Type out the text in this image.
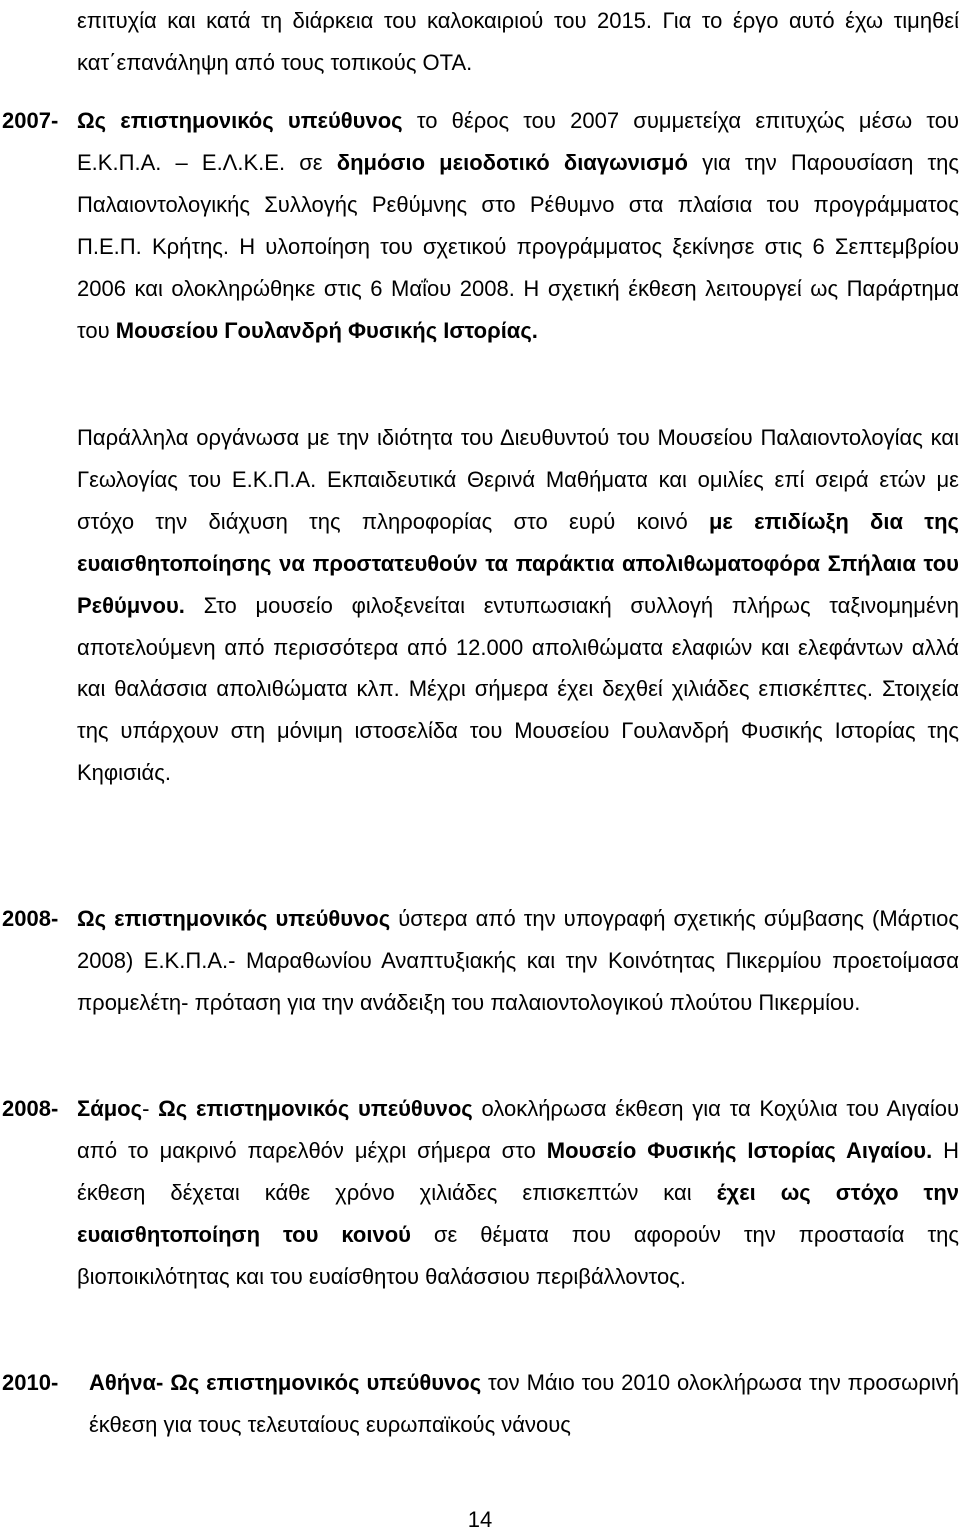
επιτυχία και κατά τη διάρκεια του καλοκαιριού του 2015. Για το έργο αυτό έχω τιμηθεί κατ΄επανάληψη από τους τοπικούς ΟΤΑ.

2007- Ως επιστημονικός υπεύθυνος το θέρος του 2007 συμμετείχα επιτυχώς μέσω του Ε.Κ.Π.Α. – Ε.Λ.Κ.Ε. σε δημόσιο μειοδοτικό διαγωνισμό για την Παρουσίαση της Παλαιοντολογικής Συλλογής Ρεθύμνης στο Ρέθυμνο στα πλαίσια του προγράμματος Π.Ε.Π. Κρήτης. Η υλοποίηση του σχετικού προγράμματος ξεκίνησε στις 6 Σεπτεμβρίου 2006 και ολοκληρώθηκε στις 6 Μαΐου 2008. Η σχετική έκθεση λειτουργεί ως Παράρτημα του Μουσείου Γουλανδρή Φυσικής Ιστορίας.

Παράλληλα οργάνωσα με την ιδιότητα του Διευθυντού του Μουσείου Παλαιοντολογίας και Γεωλογίας του Ε.Κ.Π.Α. Εκπαιδευτικά Θερινά Μαθήματα και ομιλίες επί σειρά ετών με στόχο την διάχυση της πληροφορίας στο ευρύ κοινό με επιδίωξη δια της ευαισθητοποίησης να προστατευθούν τα παράκτια απολιθωματοφόρα Σπήλαια του Ρεθύμνου. Στο μουσείο φιλοξενείται εντυπωσιακή συλλογή πλήρως ταξινομημένη αποτελούμενη από περισσότερα από 12.000 απολιθώματα ελαφιών και ελεφάντων αλλά και θαλάσσια απολιθώματα κλπ. Μέχρι σήμερα έχει δεχθεί χιλιάδες επισκέπτες. Στοιχεία της υπάρχουν στη μόνιμη ιστοσελίδα του Μουσείου Γουλανδρή Φυσικής Ιστορίας της Κηφισιάς.

2008- Ως επιστημονικός υπεύθυνος ύστερα από την υπογραφή σχετικής σύμβασης (Μάρτιος 2008) Ε.Κ.Π.Α.- Μαραθωνίου Αναπτυξιακής και την Κοινότητας Πικερμίου προετοίμασα προμελέτη- πρόταση για την ανάδειξη του παλαιοντολογικού πλούτου Πικερμίου.

2008- Σάμος- Ως επιστημονικός υπεύθυνος ολοκλήρωσα έκθεση για τα Κοχύλια του Αιγαίου από το μακρινό παρελθόν μέχρι σήμερα στο Μουσείο Φυσικής Ιστορίας Αιγαίου. Η έκθεση δέχεται κάθε χρόνο χιλιάδες επισκεπτών και έχει ως στόχο την ευαισθητοποίηση του κοινού σε θέματα που αφορούν την προστασία της βιοποικιλότητας και του ευαίσθητου θαλάσσιου περιβάλλοντος.

2010- Αθήνα- Ως επιστημονικός υπεύθυνος τον Μάιο του 2010 ολοκλήρωσα την προσωρινή έκθεση για τους τελευταίους ευρωπαϊκούς νάνους

14
